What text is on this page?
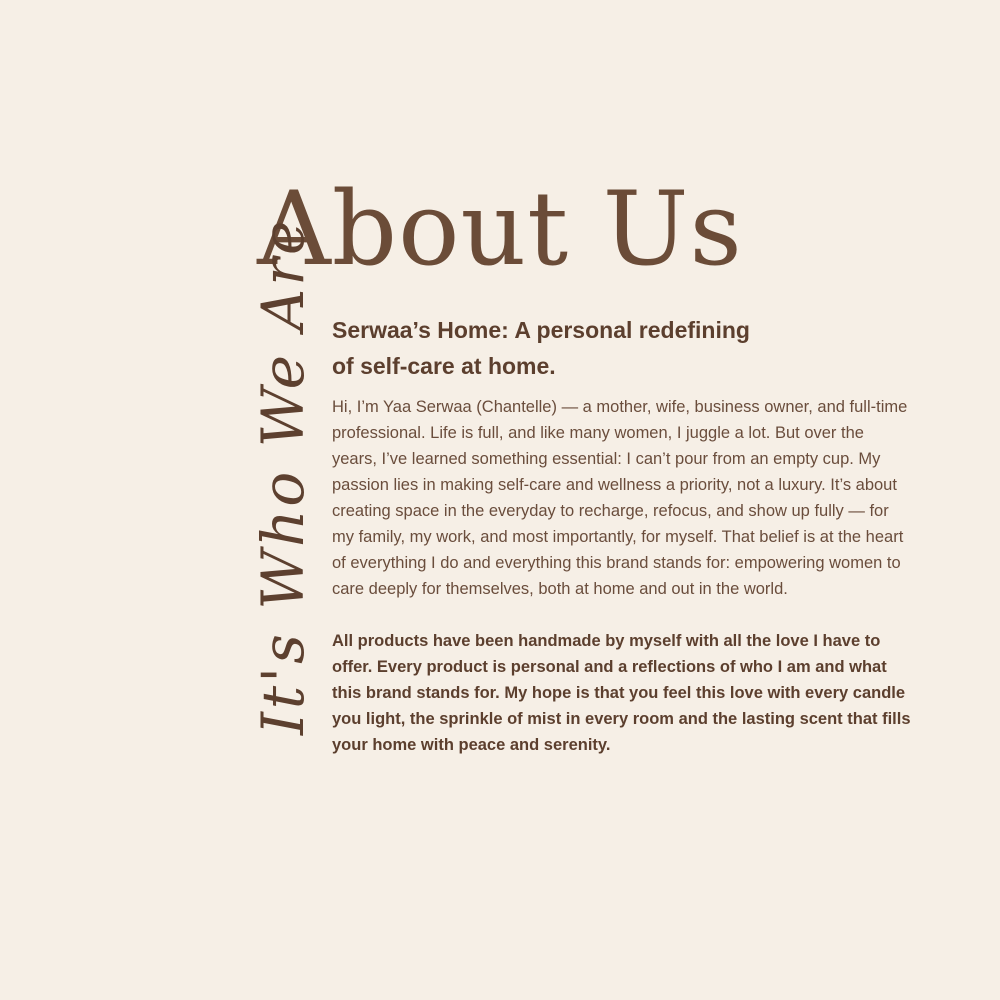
About Us
It's Who We Are Serwaa’s Home: A personal redefining of self-care at home.

Hi, I’m Yaa Serwaa (Chantelle) — a mother, wife, business owner, and full-time professional. Life is full, and like many women, I juggle a lot. But over the years, I’ve learned something essential: I can’t pour from an empty cup. My passion lies in making self-care and wellness a priority, not a luxury. It’s about creating space in the everyday to recharge, refocus, and show up fully — for my family, my work, and most importantly, for myself. That belief is at the heart of everything I do and everything this brand stands for: empowering women to care deeply for themselves, both at home and out in the world.

All products have been handmade by myself with all the love I have to offer. Every product is personal and a reflections of who I am and what this brand stands for. My hope is that you feel this love with every candle you light, the sprinkle of mist in every room and the lasting scent that fills your home with peace and serenity.
